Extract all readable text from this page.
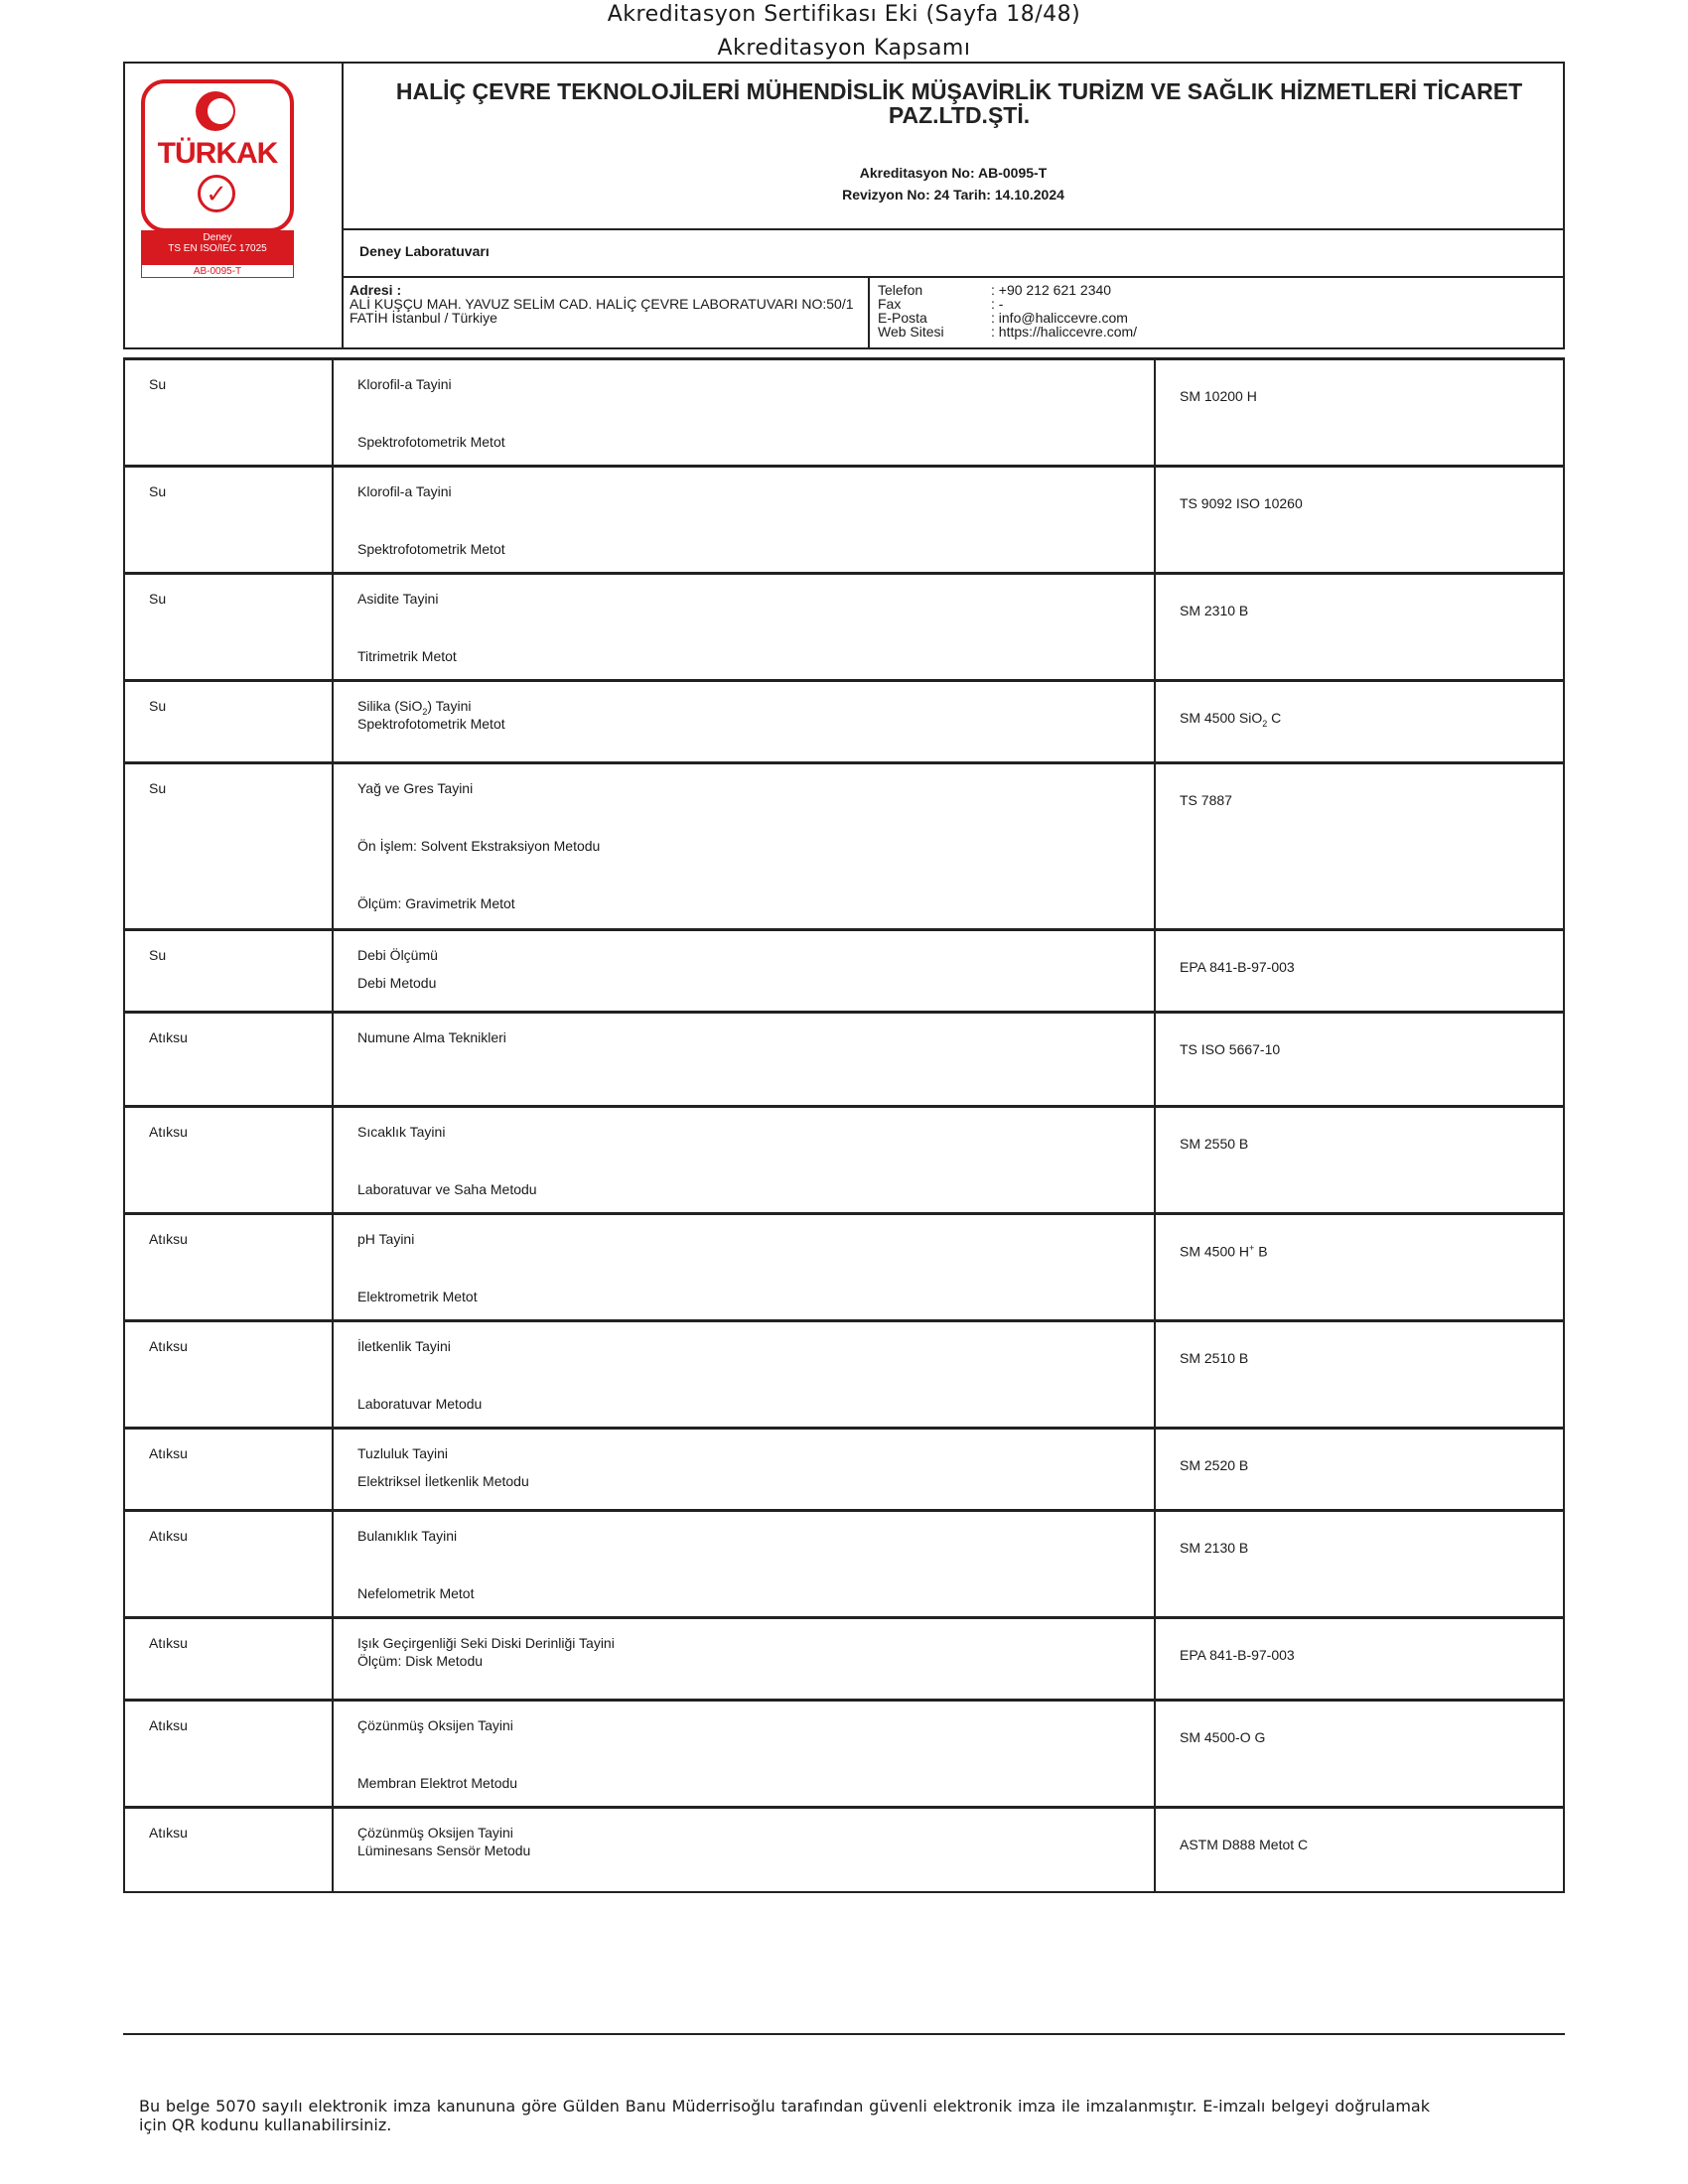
Akreditasyon Sertifikası Eki (Sayfa 18/48)
Akreditasyon Kapsamı
★
TÜRKAK
✓
Deney
TS EN ISO/IEC 17025
AB-0095-T
HALİÇ ÇEVRE TEKNOLOJİLERİ MÜHENDİSLİK MÜŞAVİRLİK TURİZM VE SAĞLIK HİZMETLERİ TİCARET PAZ.LTD.ŞTİ.
Akreditasyon No: AB-0095-T
Revizyon No: 24 Tarih: 14.10.2024
Deney Laboratuvarı
Adresi :
ALİ KUŞÇU MAH. YAVUZ SELİM CAD. HALİÇ ÇEVRE LABORATUVARI NO:50/1
FATİH İstanbul / Türkiye
Telefon	: +90 212 621 2340
Fax	: -
E-Posta	: info@haliccevre.com
Web Sitesi	: https://haliccevre.com/
Su	Klorofil-a Tayini
Spektrofotometrik Metot
SM 10200 H
Su	Klorofil-a Tayini
Spektrofotometrik Metot
TS 9092 ISO 10260
Su	Asidite Tayini
Titrimetrik Metot
SM 2310 B
Su	Silika (SiO$_2$) Tayini
Spektrofotometrik Metot	SM 4500 SiO$_2$ C
Su	Yağ ve Gres Tayini
Ön İşlem: Solvent Ekstraksiyon Metodu
Ölçüm: Gravimetrik Metot
TS 7887
Su	Debi Ölçümü
Debi Metodu
EPA 841-B-97-003
Atıksu	Numune Alma Teknikleri
TS ISO 5667-10
Atıksu	Sıcaklık Tayini
Laboratuvar ve Saha Metodu
SM 2550 B
Atıksu	pH Tayini
Elektrometrik Metot
SM 4500 H+ B
Atıksu	İletkenlik Tayini
Laboratuvar Metodu
SM 2510 B
Atıksu	Tuzluluk Tayini
Elektriksel İletkenlik Metodu
SM 2520 B
Atıksu	Bulanıklık Tayini
Nefelometrik Metot
SM 2130 B
Atıksu	Işık Geçirgenliği Seki Diski Derinliği Tayini
Ölçüm: Disk Metodu	EPA 841-B-97-003
Atıksu	Çözünmüş Oksijen Tayini
Membran Elektrot Metodu
SM 4500-O G
Atıksu	Çözünmüş Oksijen Tayini
Lüminesans Sensör Metodu	ASTM D888 Metot C
Bu belge 5070 sayılı elektronik imza kanununa göre Gülden Banu Müderrisoğlu tarafından güvenli elektronik imza ile imzalanmıştır. E-imzalı belgeyi doğrulamak için QR kodunu kullanabilirsiniz.
